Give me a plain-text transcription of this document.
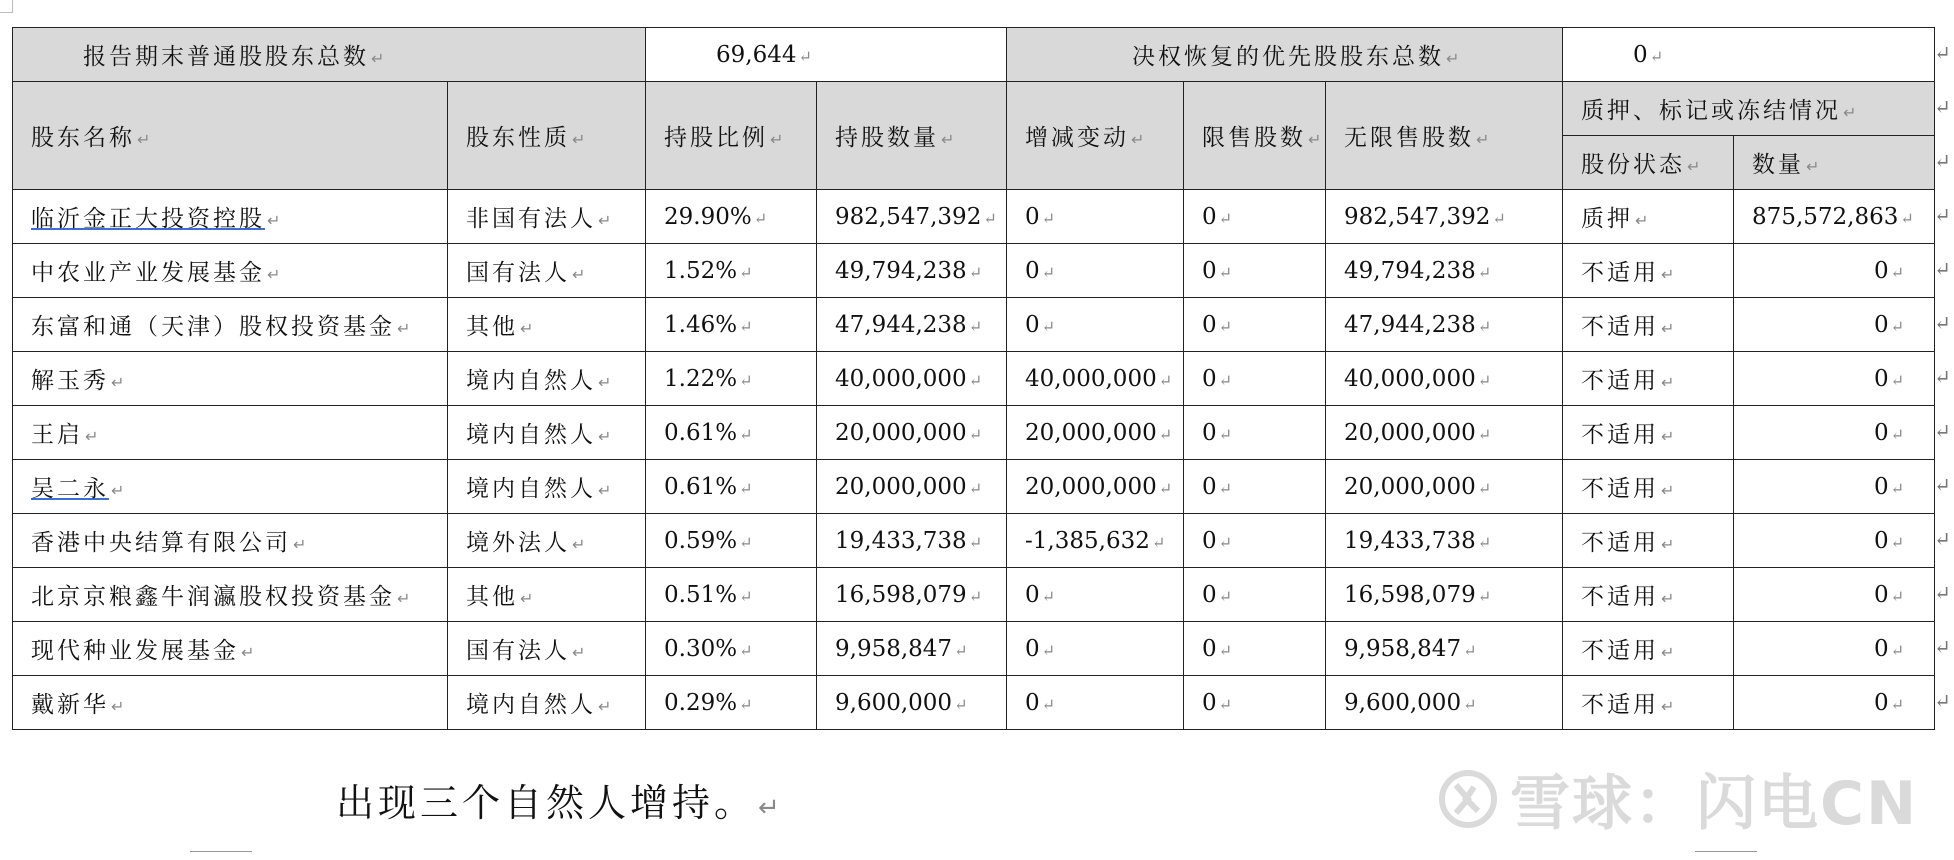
报告期末普通股股东总数 ↵		69,644 ↵		决权恢复的优先股股东总数 ↵			0 ↵	
股东名称 ↵	股东性质 ↵	持股比例 ↵	持股数量 ↵	增减变动 ↵	限售股数 ↵	无限售股数 ↵	质押、标记或冻结情况 ↵	
							股份状态 ↵	数量 ↵
临沂金正大投资控股 ↵	非国有法人 ↵	29.90% ↵	982,547,392 ↵	0 ↵	0 ↵	982,547,392 ↵	质押 ↵	875,572,863 ↵
中农业产业发展基金 ↵	国有法人 ↵	1.52% ↵	49,794,238 ↵	0 ↵	0 ↵	49,794,238 ↵	不适用 ↵	0 ↵
东富和通（天津）股权投资基金 ↵	其他 ↵	1.46% ↵	47,944,238 ↵	0 ↵	0 ↵	47,944,238 ↵	不适用 ↵	0 ↵
解玉秀 ↵	境内自然人 ↵	1.22% ↵	40,000,000 ↵	40,000,000 ↵	0 ↵	40,000,000 ↵	不适用 ↵	0 ↵
王启 ↵	境内自然人 ↵	0.61% ↵	20,000,000 ↵	20,000,000 ↵	0 ↵	20,000,000 ↵	不适用 ↵	0 ↵
吴二永 ↵	境内自然人 ↵	0.61% ↵	20,000,000 ↵	20,000,000 ↵	0 ↵	20,000,000 ↵	不适用 ↵	0 ↵
香港中央结算有限公司 ↵	境外法人 ↵	0.59% ↵	19,433,738 ↵	-1,385,632 ↵	0 ↵	19,433,738 ↵	不适用 ↵	0 ↵
北京京粮鑫牛润瀛股权投资基金 ↵	其他 ↵	0.51% ↵	16,598,079 ↵	0 ↵	0 ↵	16,598,079 ↵	不适用 ↵	0 ↵
现代种业发展基金 ↵	国有法人 ↵	0.30% ↵	9,958,847 ↵	0 ↵	0 ↵	9,958,847 ↵	不适用 ↵	0 ↵
戴新华 ↵	境内自然人 ↵	0.29% ↵	9,600,000 ↵	0 ↵	0 ↵	9,600,000 ↵	不适用 ↵	0 ↵
↵
↵
↵
↵
↵
↵
↵
↵
↵
↵
↵
↵
↵
出现三个自然人增持。↵	雪球：闪电CN
